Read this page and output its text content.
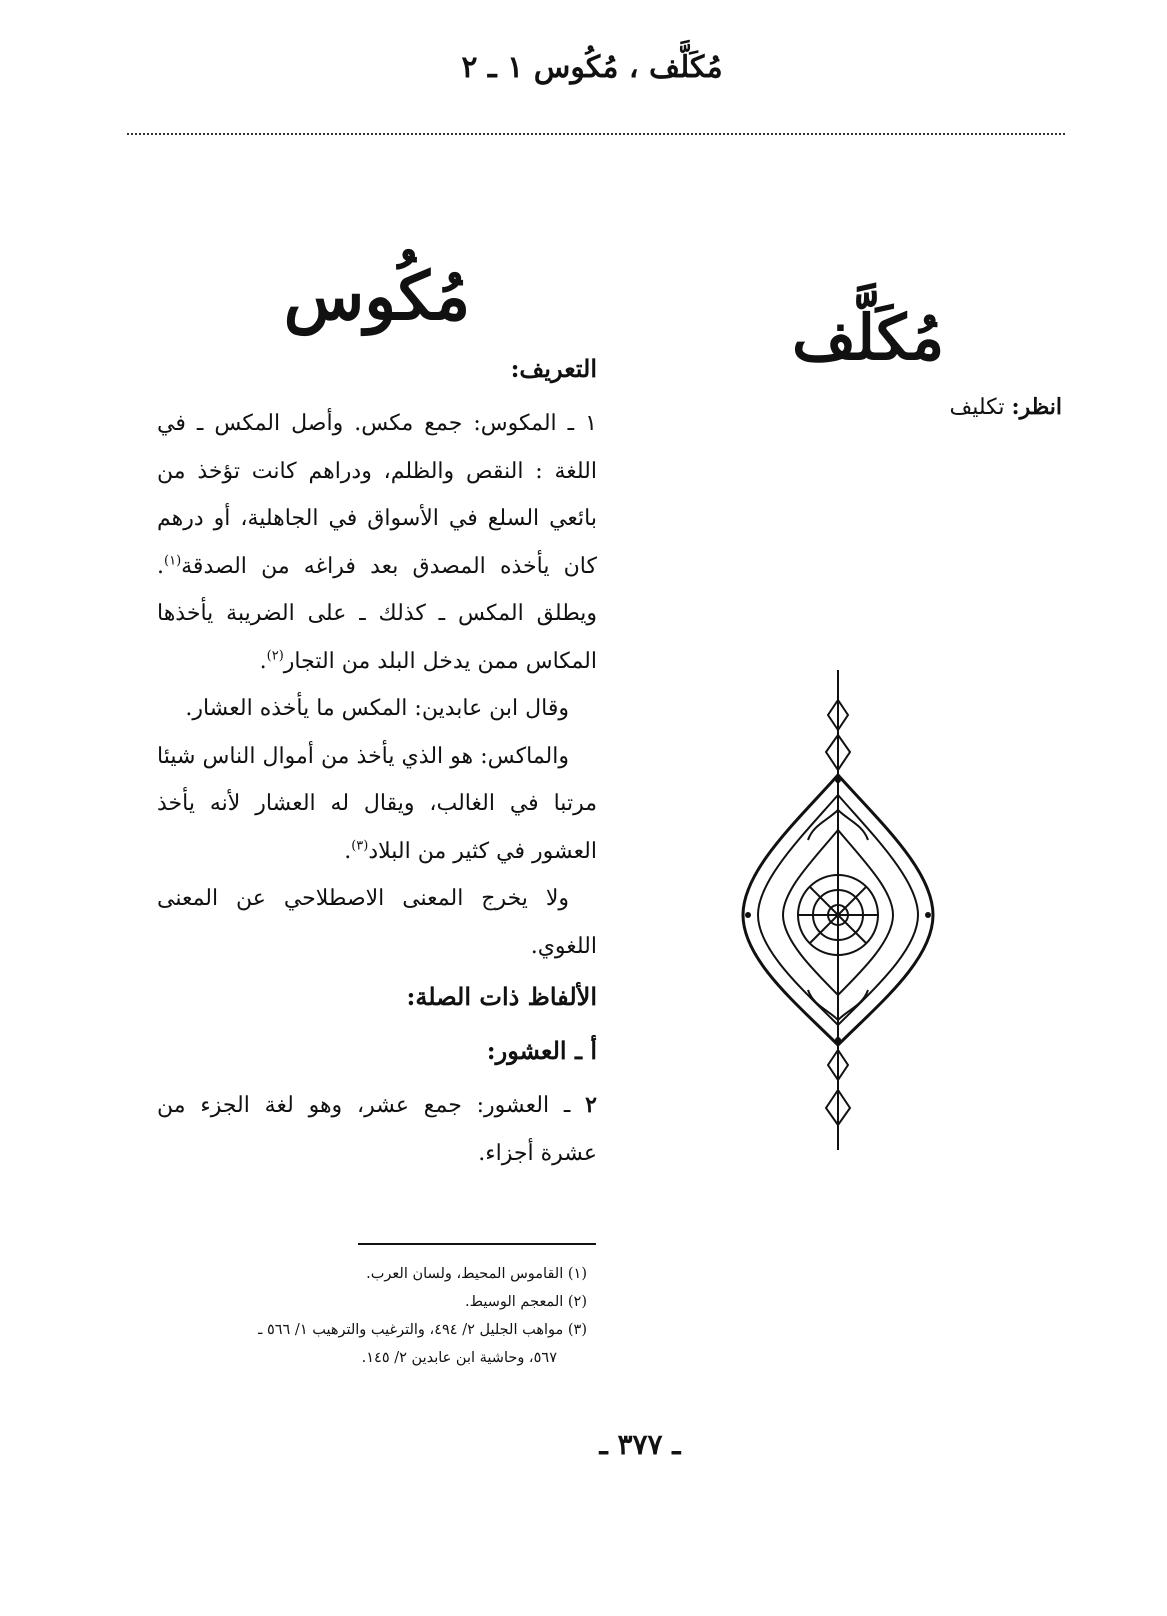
مُكَلَّف ، مُكُوس ١ ـ ٢
مُكَلَّف
انظر: تكليف
مُكُوس
التعريف:

١ ـ المكوس: جمع مكس. وأصل المكس ـ في اللغة : النقص والظلم، ودراهم كانت تؤخذ من بائعي السلع في الأسواق في الجاهلية، أو درهم كان يأخذه المصدق بعد فراغه من الصدقة$^{(١)}$. ويطلق المكس ـ كذلك ـ على الضريبة يأخذها المكاس ممن يدخل البلد من التجار$^{(٢)}$.

وقال ابن عابدين: المكس ما يأخذه العشار.

والماكس: هو الذي يأخذ من أموال الناس شيئا مرتبا في الغالب، ويقال له العشار لأنه يأخذ العشور في كثير من البلاد$^{(٣)}$.

ولا يخرج المعنى الاصطلاحي عن المعنى اللغوي.

الألفاظ ذات الصلة:
أ ـ العشور:

٢ ـ العشور: جمع عشر، وهو لغة الجزء من عشرة أجزاء.

(١) القاموس المحيط، ولسان العرب.
(٢) المعجم الوسيط.
(٣) مواهب الجليل ٢/ ٤٩٤، والترغيب والترهيب ١/ ٥٦٦ ـ
٥٦٧، وحاشية ابن عابدين ٢/ ١٤٥.
ـ ٣٧٧ ـ
